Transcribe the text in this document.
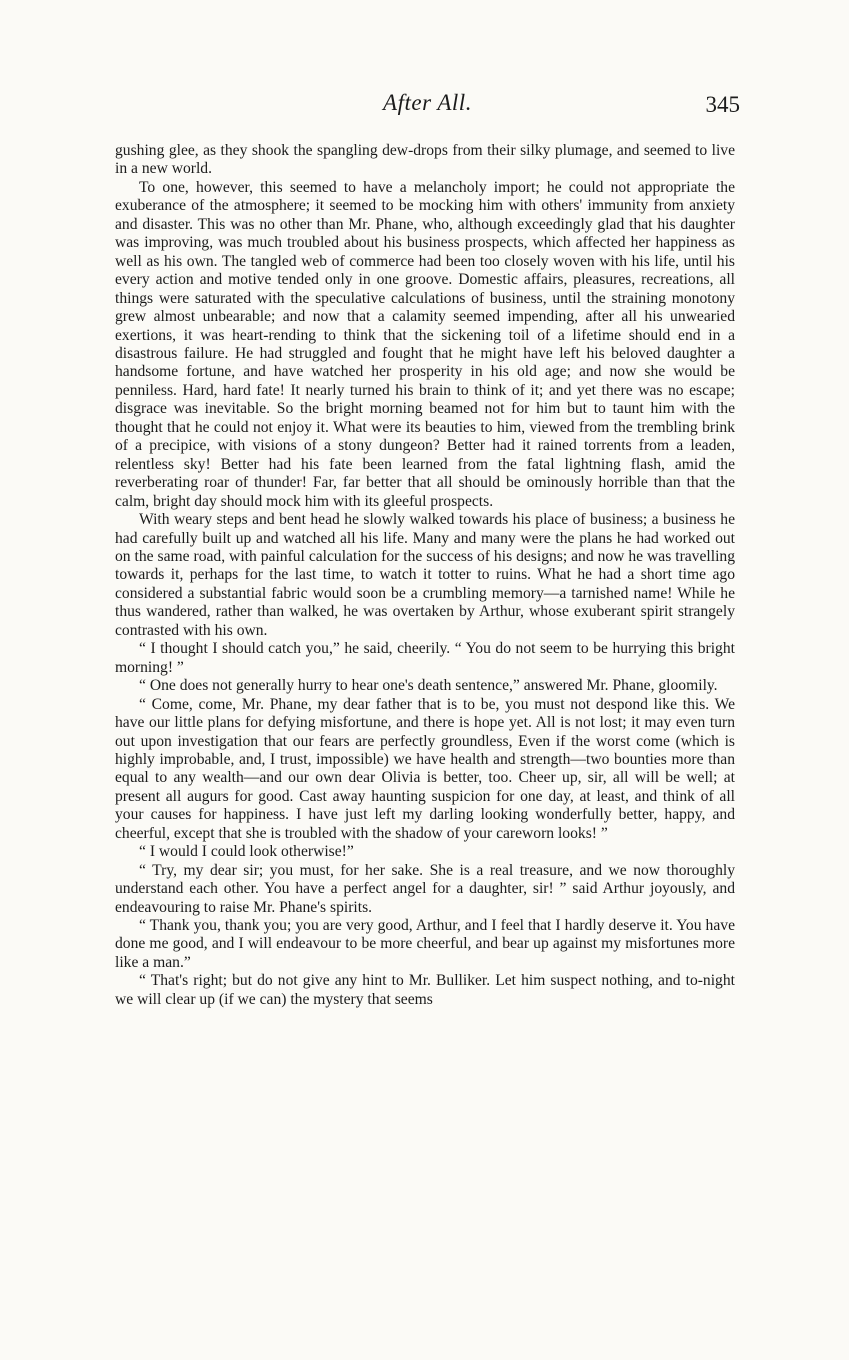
After All.	345

gushing glee, as they shook the spangling dew-drops from their silky plumage, and seemed to live in a new world.

To one, however, this seemed to have a melancholy import; he could not appropriate the exuberance of the atmosphere; it seemed to be mocking him with others' immunity from anxiety and disaster. This was no other than Mr. Phane, who, although exceedingly glad that his daughter was improving, was much troubled about his business prospects, which affected her happiness as well as his own. The tangled web of commerce had been too closely woven with his life, until his every action and motive tended only in one groove. Domestic affairs, pleasures, recreations, all things were saturated with the speculative calculations of business, until the straining monotony grew almost unbearable; and now that a calamity seemed impending, after all his unwearied exertions, it was heart-rending to think that the sickening toil of a lifetime should end in a disastrous failure. He had struggled and fought that he might have left his beloved daughter a handsome fortune, and have watched her prosperity in his old age; and now she would be penniless. Hard, hard fate! It nearly turned his brain to think of it; and yet there was no escape; disgrace was inevitable. So the bright morning beamed not for him but to taunt him with the thought that he could not enjoy it. What were its beauties to him, viewed from the trembling brink of a precipice, with visions of a stony dungeon? Better had it rained torrents from a leaden, relentless sky! Better had his fate been learned from the fatal lightning flash, amid the reverberating roar of thunder! Far, far better that all should be ominously horrible than that the calm, bright day should mock him with its gleeful prospects.

With weary steps and bent head he slowly walked towards his place of business; a business he had carefully built up and watched all his life. Many and many were the plans he had worked out on the same road, with painful calculation for the success of his designs; and now he was travelling towards it, perhaps for the last time, to watch it totter to ruins. What he had a short time ago considered a substantial fabric would soon be a crumbling memory—a tarnished name! While he thus wandered, rather than walked, he was overtaken by Arthur, whose exuberant spirit strangely contrasted with his own.

“ I thought I should catch you,” he said, cheerily. “ You do not seem to be hurrying this bright morning! ”

“ One does not generally hurry to hear one's death sentence,” answered Mr. Phane, gloomily.

“ Come, come, Mr. Phane, my dear father that is to be, you must not despond like this. We have our little plans for defying misfortune, and there is hope yet. All is not lost; it may even turn out upon investigation that our fears are perfectly groundless, Even if the worst come (which is highly improbable, and, I trust, impossible) we have health and strength—two bounties more than equal to any wealth—and our own dear Olivia is better, too. Cheer up, sir, all will be well; at present all augurs for good. Cast away haunting suspicion for one day, at least, and think of all your causes for happiness. I have just left my darling looking wonderfully better, happy, and cheerful, except that she is troubled with the shadow of your careworn looks! ”

“ I would I could look otherwise!”

“ Try, my dear sir; you must, for her sake. She is a real treasure, and we now thoroughly understand each other. You have a perfect angel for a daughter, sir! ” said Arthur joyously, and endeavouring to raise Mr. Phane's spirits.

“ Thank you, thank you; you are very good, Arthur, and I feel that I hardly deserve it. You have done me good, and I will endeavour to be more cheerful, and bear up against my misfortunes more like a man.”

“ That's right; but do not give any hint to Mr. Bulliker. Let him suspect nothing, and to-night we will clear up (if we can) the mystery that seems
